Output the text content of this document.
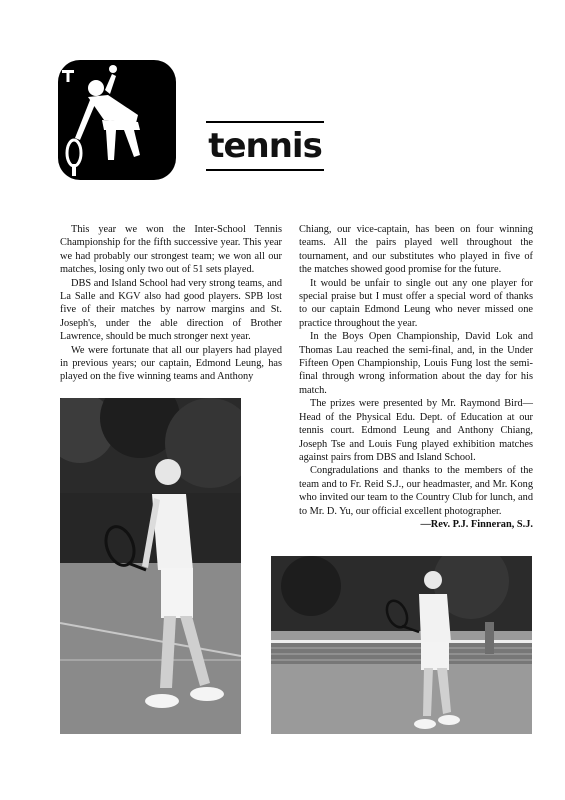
tennis

This year we won the Inter-School Tennis Championship for the fifth successive year. This year we had probably our strongest team; we won all our matches, losing only two out of 51 sets played.

DBS and Island School had very strong teams, and La Salle and KGV also had good players. SPB lost five of their matches by narrow margins and St. Joseph's, under the able direction of Brother Lawrence, should be much stronger next year.

We were fortunate that all our players had played in previous years; our captain, Edmond Leung, has played on the five winning teams and Anthony

Chiang, our vice-captain, has been on four winning teams. All the pairs played well throughout the tournament, and our substitutes who played in five of the matches showed good promise for the future.

It would be unfair to single out any one player for special praise but I must offer a special word of thanks to our captain Edmond Leung who never missed one practice throughout the year.

In the Boys Open Championship, David Lok and Thomas Lau reached the semi-final, and, in the Under Fifteen Open Championship, Louis Fung lost the semi-final through wrong information about the day for his match.

The prizes were presented by Mr. Raymond Bird—Head of the Physical Edu. Dept. of Education at our tennis court. Edmond Leung and Anthony Chiang, Joseph Tse and Louis Fung played exhibition matches against pairs from DBS and Island School.

Congradulations and thanks to the members of the team and to Fr. Reid S.J., our headmaster, and Mr. Kong who invited our team to the Country Club for lunch, and to Mr. D. Yu, our official excellent photographer.

—Rev. P.J. Finneran, S.J.
